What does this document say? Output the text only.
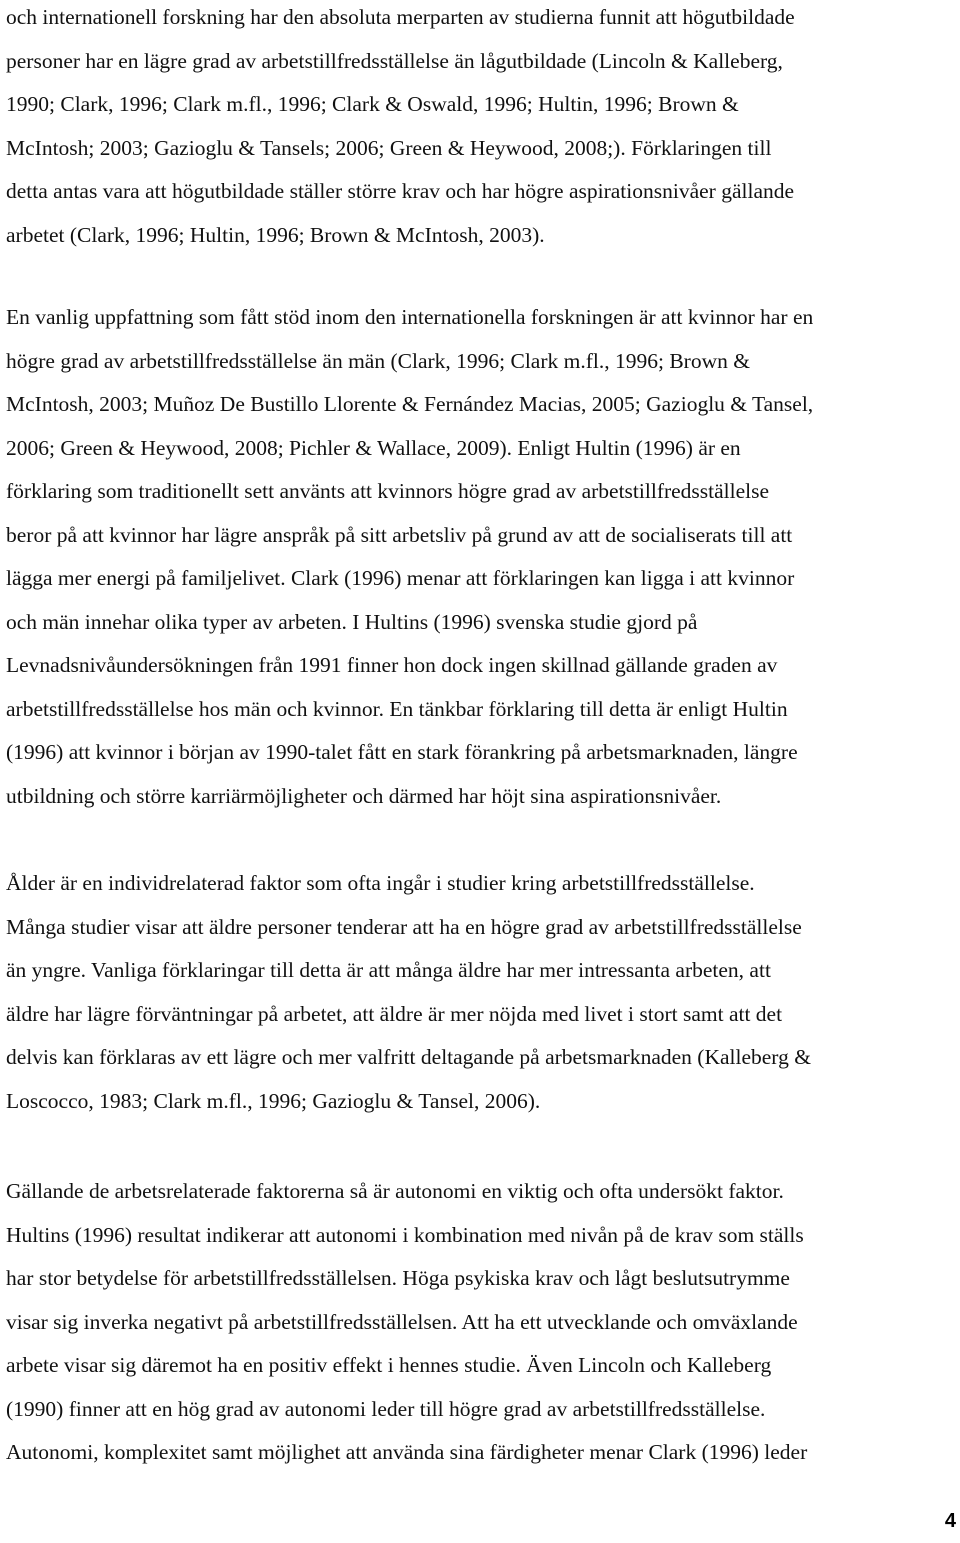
och internationell forskning har den absoluta merparten av studierna funnit att högutbildade
personer har en lägre grad av arbetstillfredsställelse än lågutbildade (Lincoln & Kalleberg,
1990; Clark, 1996; Clark m.fl., 1996; Clark & Oswald, 1996; Hultin, 1996; Brown &
McIntosh; 2003; Gazioglu & Tansels; 2006; Green & Heywood, 2008;). Förklaringen till
detta antas vara att högutbildade ställer större krav och har högre aspirationsnivåer gällande
arbetet (Clark, 1996; Hultin, 1996; Brown & McIntosh, 2003).
En vanlig uppfattning som fått stöd inom den internationella forskningen är att kvinnor har en
högre grad av arbetstillfredsställelse än män (Clark, 1996; Clark m.fl., 1996; Brown &
McIntosh, 2003; Muñoz De Bustillo Llorente & Fernández Macias, 2005; Gazioglu & Tansel,
2006; Green & Heywood, 2008; Pichler & Wallace, 2009). Enligt Hultin (1996) är en
förklaring som traditionellt sett använts att kvinnors högre grad av arbetstillfredsställelse
beror på att kvinnor har lägre anspråk på sitt arbetsliv på grund av att de socialiserats till att
lägga mer energi på familjelivet. Clark (1996) menar att förklaringen kan ligga i att kvinnor
och män innehar olika typer av arbeten. I Hultins (1996) svenska studie gjord på
Levnadsnivåundersökningen från 1991 finner hon dock ingen skillnad gällande graden av
arbetstillfredsställelse hos män och kvinnor. En tänkbar förklaring till detta är enligt Hultin
(1996) att kvinnor i början av 1990-talet fått en stark förankring på arbetsmarknaden, längre
utbildning och större karriärmöjligheter och därmed har höjt sina aspirationsnivåer.
Ålder är en individrelaterad faktor som ofta ingår i studier kring arbetstillfredsställelse.
Många studier visar att äldre personer tenderar att ha en högre grad av arbetstillfredsställelse
än yngre. Vanliga förklaringar till detta är att många äldre har mer intressanta arbeten, att
äldre har lägre förväntningar på arbetet, att äldre är mer nöjda med livet i stort samt att det
delvis kan förklaras av ett lägre och mer valfritt deltagande på arbetsmarknaden (Kalleberg &
Loscocco, 1983; Clark m.fl., 1996; Gazioglu & Tansel, 2006).
Gällande de arbetsrelaterade faktorerna så är autonomi en viktig och ofta undersökt faktor.
Hultins (1996) resultat indikerar att autonomi i kombination med nivån på de krav som ställs
har stor betydelse för arbetstillfredsställelsen. Höga psykiska krav och lågt beslutsutrymme
visar sig inverka negativt på arbetstillfredsställelsen. Att ha ett utvecklande och omväxlande
arbete visar sig däremot ha en positiv effekt i hennes studie. Även Lincoln och Kalleberg
(1990) finner att en hög grad av autonomi leder till högre grad av arbetstillfredsställelse.
Autonomi, komplexitet samt möjlighet att använda sina färdigheter menar Clark (1996) leder
4
